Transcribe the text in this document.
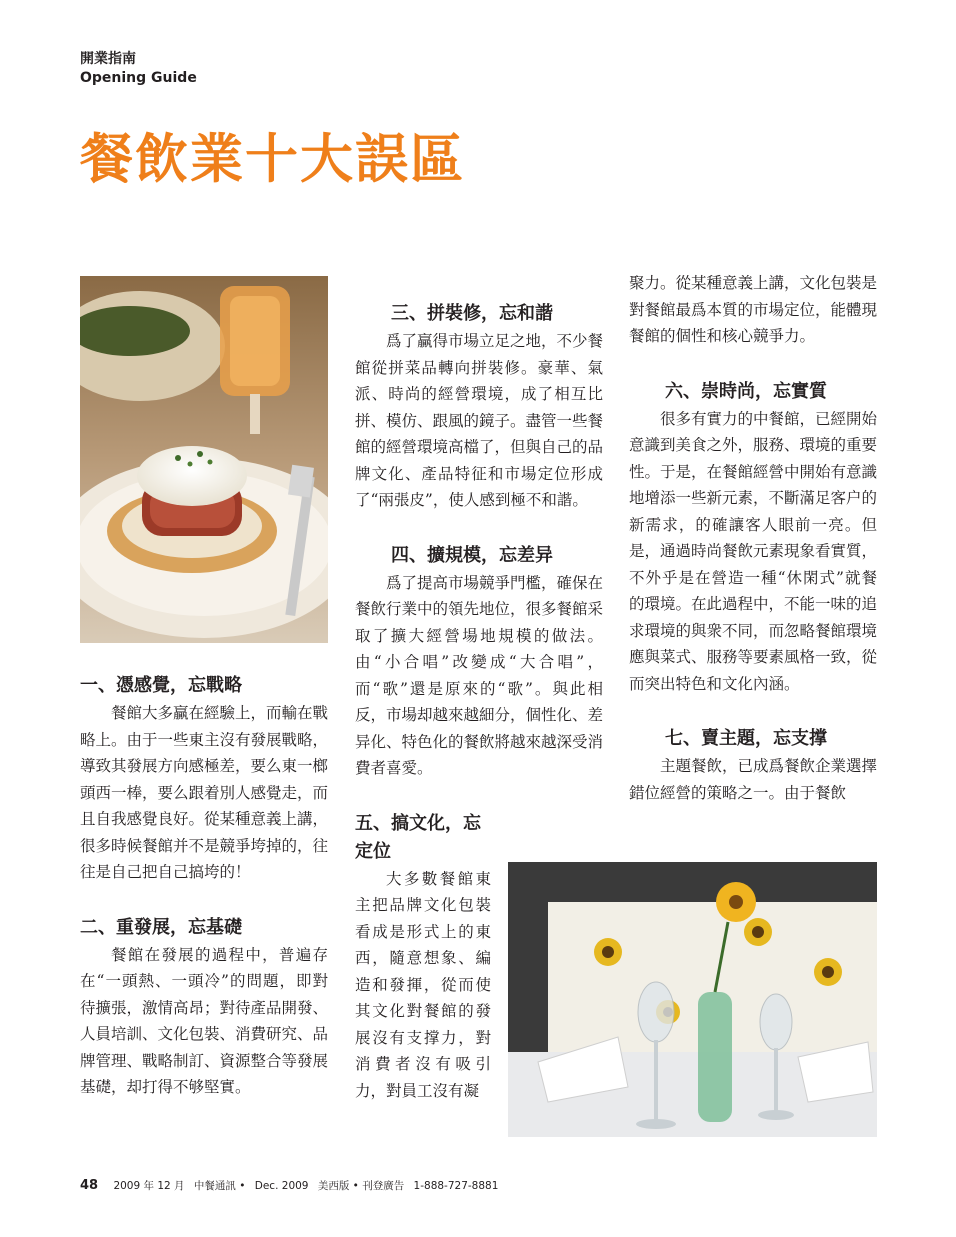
開業指南
Opening Guide
餐飲業十大誤區
一、憑感覺，忘戰略

餐館大多贏在經驗上，而輸在戰略上。由于一些東主沒有發展戰略，導致其發展方向感極差，要么東一榔頭西一棒，要么跟着別人感覺走，而且自我感覺良好。從某種意義上講，很多時候餐館并不是競爭垮掉的，往往是自己把自己搞垮的！

二、重發展，忘基礎

餐館在發展的過程中，普遍存在“一頭熱、一頭冷”的問題，即對待擴張，激情高昂；對待產品開發、人員培訓、文化包裝、消費研究、品牌管理、戰略制訂、資源整合等發展基礎，却打得不够堅實。

三、拼裝修，忘和諧

爲了贏得市場立足之地，不少餐館從拼菜品轉向拼裝修。豪華、氣派、時尚的經營環境，成了相互比拼、模仿、跟風的鏡子。盡管一些餐館的經營環境高檔了，但與自己的品牌文化、產品特征和市場定位形成了“兩張皮”，使人感到極不和諧。

四、擴規模，忘差异

爲了提高市場競爭門檻，確保在餐飲行業中的領先地位，很多餐館采取了擴大經營場地規模的做法。由“小合唱”改變成“大合唱”，而“歌”還是原來的“歌”。與此相反，市場却越來越細分，個性化、差异化、特色化的餐飲將越來越深受消費者喜愛。

五、搞文化，忘定位

大多數餐館東主把品牌文化包裝看成是形式上的東西，隨意想象、編造和發揮，從而使其文化對餐館的發展沒有支撑力，對消費者沒有吸引力，對員工沒有凝

聚力。從某種意義上講，文化包裝是對餐館最爲本質的市場定位，能體現餐館的個性和核心競爭力。

六、崇時尚，忘實質

很多有實力的中餐館，已經開始意識到美食之外，服務、環境的重要性。于是，在餐館經營中開始有意識地增添一些新元素，不斷滿足客户的新需求，的確讓客人眼前一亮。但是，通過時尚餐飲元素現象看實質，不外乎是在營造一種“休閑式”就餐的環境。在此過程中，不能一味的追求環境的與衆不同，而忽略餐館環境應與菜式、服務等要素風格一致，從而突出特色和文化內涵。

七、賣主題，忘支撑

主題餐飲，已成爲餐飲企業選擇錯位經營的策略之一。由于餐飲

48 2009 年 12 月 中餐通訊 • Dec. 2009 美西版 • 刊登廣告 1-888-727-8881
